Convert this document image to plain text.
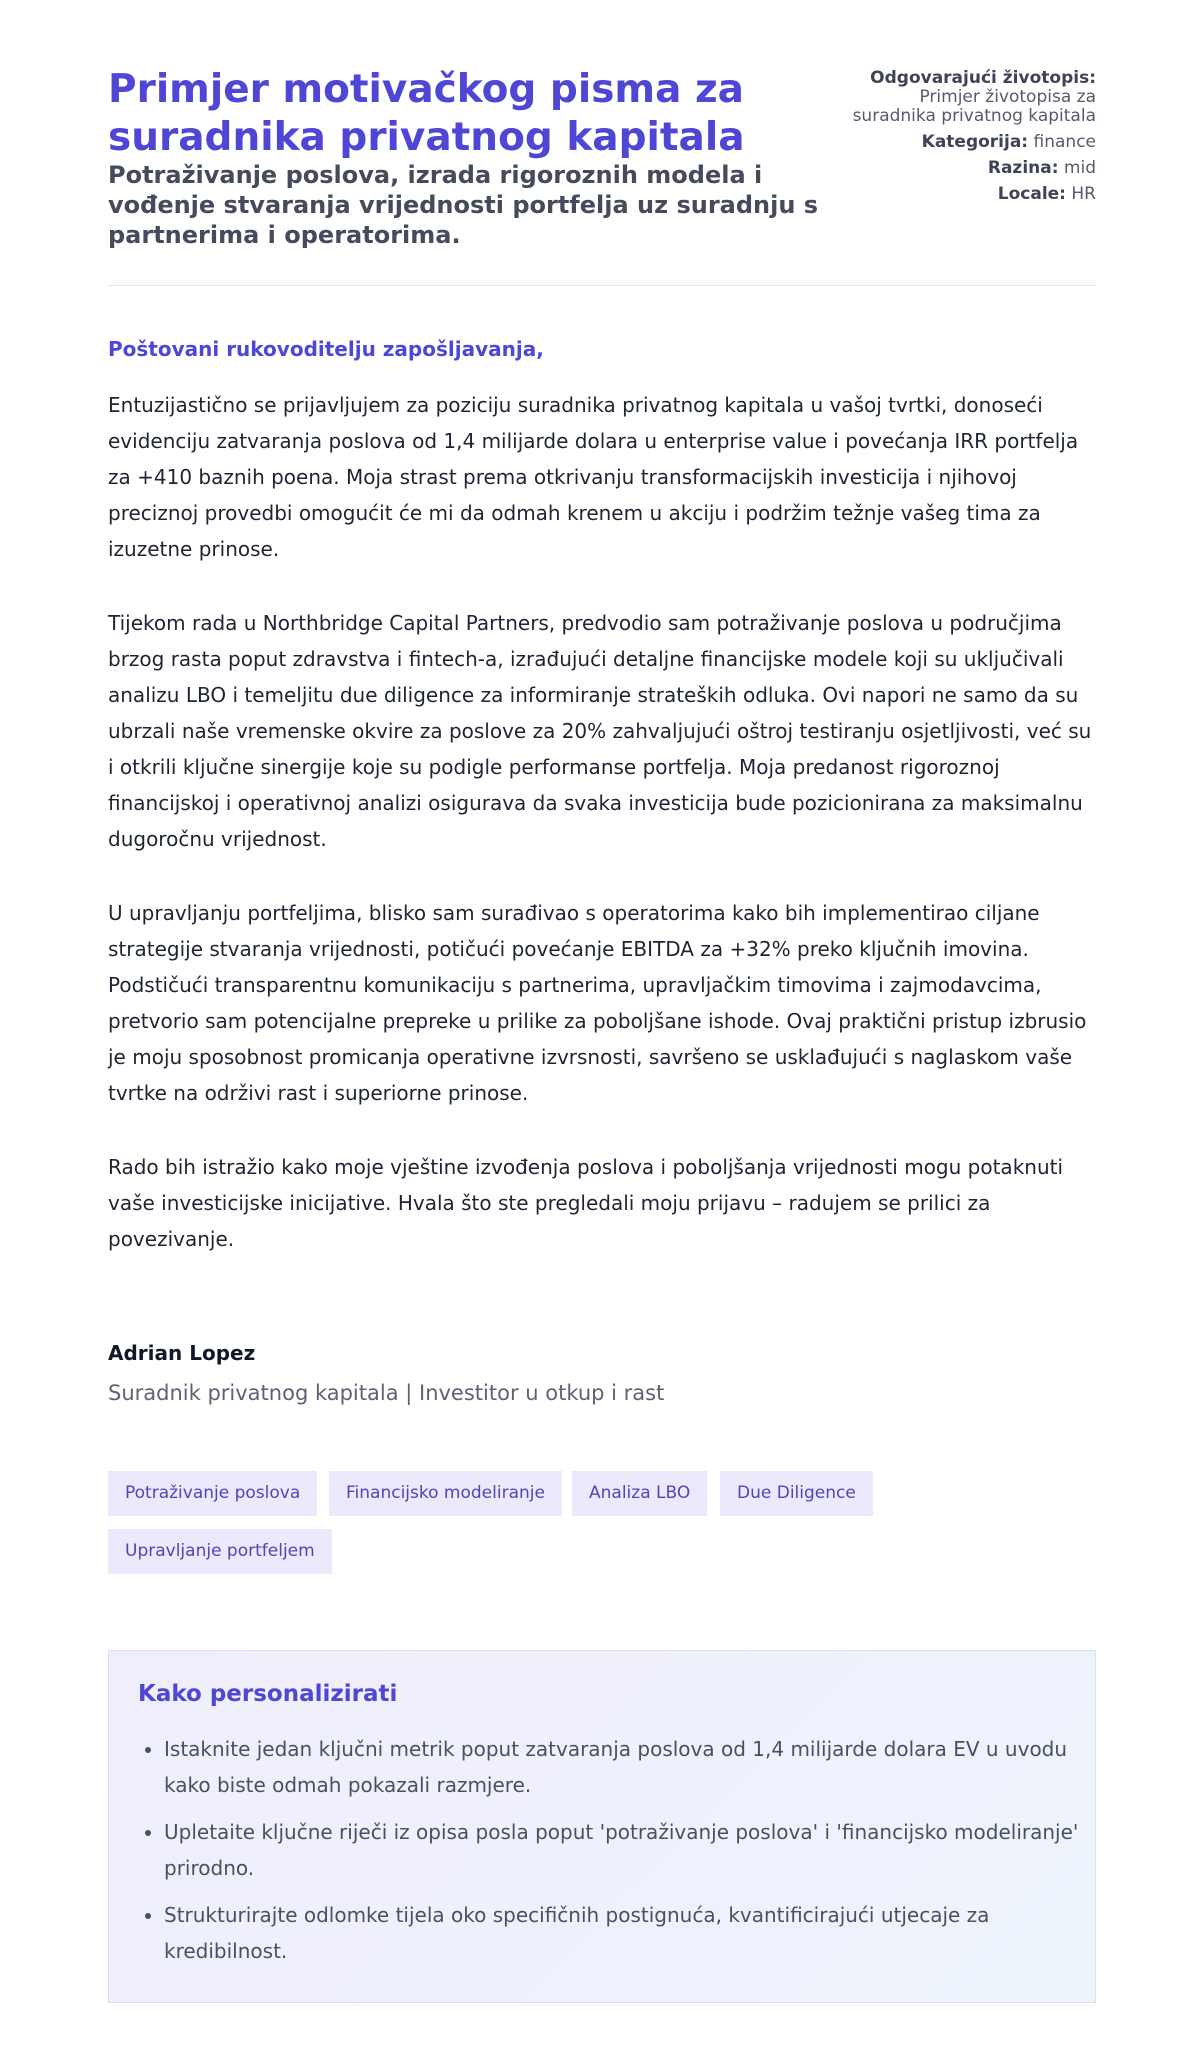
Primjer motivačkog pisma za suradnika privatnog kapitala
Potraživanje poslova, izrada rigoroznih modela i vođenje stvaranja vrijednosti portfelja uz suradnju s partnerima i operatorima.
Odgovarajući životopis:
Primjer životopisa za suradnika privatnog kapitala
Kategorija: finance
Razina: mid
Locale: HR

Poštovani rukovoditelju zapošljavanja,

Entuzijastično se prijavljujem za poziciju suradnika privatnog kapitala u vašoj tvrtki, donoseći evidenciju zatvaranja poslova od 1,4 milijarde dolara u enterprise value i povećanja IRR portfelja za +410 baznih poena. Moja strast prema otkrivanju transformacijskih investicija i njihovoj preciznoj provedbi omogućit će mi da odmah krenem u akciju i podržim težnje vašeg tima za izuzetne prinose.

Tijekom rada u Northbridge Capital Partners, predvodio sam potraživanje poslova u područjima brzog rasta poput zdravstva i fintech-a, izrađujući detaljne financijske modele koji su uključivali analizu LBO i temeljitu due diligence za informiranje strateških odluka. Ovi napori ne samo da su ubrzali naše vremenske okvire za poslove za 20% zahvaljujući oštroj testiranju osjetljivosti, već su i otkrili ključne sinergije koje su podigle performanse portfelja. Moja predanost rigoroznoj financijskoj i operativnoj analizi osigurava da svaka investicija bude pozicionirana za maksimalnu dugoročnu vrijednost.

U upravljanju portfeljima, blisko sam surađivao s operatorima kako bih implementirao ciljane strategije stvaranja vrijednosti, potičući povećanje EBITDA za +32% preko ključnih imovina. Podstičući transparentnu komunikaciju s partnerima, upravljačkim timovima i zajmodavcima, pretvorio sam potencijalne prepreke u prilike za poboljšane ishode. Ovaj praktični pristup izbrusio je moju sposobnost promicanja operativne izvrsnosti, savršeno se usklađujući s naglaskom vaše tvrtke na održivi rast i superiorne prinose.

Rado bih istražio kako moje vještine izvođenja poslova i poboljšanja vrijednosti mogu potaknuti vaše investicijske inicijative. Hvala što ste pregledali moju prijavu – radujem se prilici za povezivanje.

Adrian Lopez

Suradnik privatnog kapitala | Investitor u otkup i rast

Potraživanje poslova	Financijsko modeliranje	Analiza LBO	Due Diligence
Upravljanje portfeljem
Kako personalizirati
• Istaknite jedan ključni metrik poput zatvaranja poslova od 1,4 milijarde dolara EV u uvodu kako biste odmah pokazali razmjere.
• Upletaite ključne riječi iz opisa posla poput 'potraživanje poslova' i 'financijsko modeliranje' prirodno.
• Strukturirajte odlomke tijela oko specifičnih postignuća, kvantificirajući utjecaje za kredibilnost.
